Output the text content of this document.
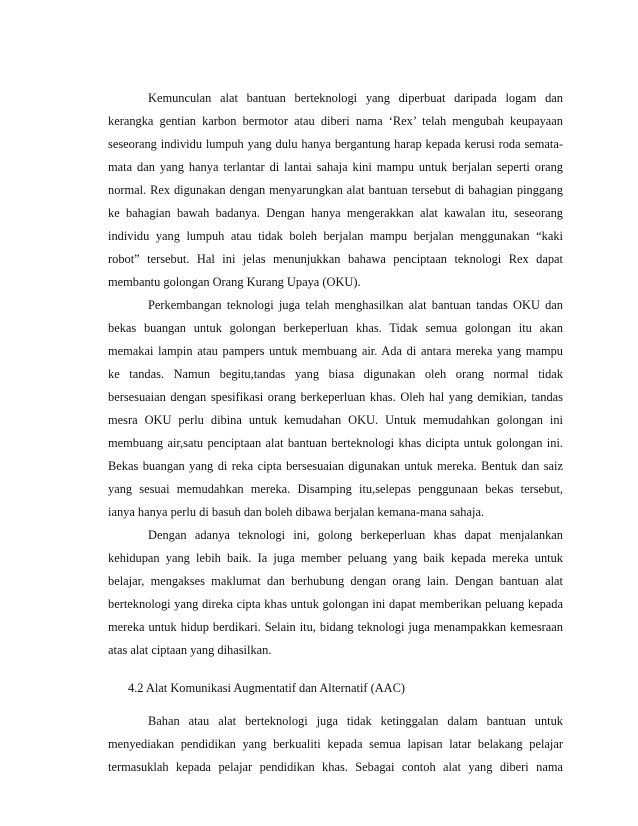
Kemunculan alat bantuan berteknologi yang diperbuat daripada logam dan
kerangka gentian karbon bermotor atau diberi nama ‘Rex’ telah mengubah keupayaan
seseorang individu lumpuh yang dulu hanya bergantung harap kepada kerusi roda semata-
mata dan yang hanya terlantar di lantai sahaja kini mampu untuk berjalan seperti orang
normal. Rex digunakan dengan menyarungkan alat bantuan tersebut di bahagian pinggang
ke bahagian bawah badanya. Dengan hanya mengerakkan alat kawalan itu, seseorang
individu yang lumpuh atau tidak boleh berjalan mampu berjalan menggunakan “kaki
robot” tersebut. Hal ini jelas menunjukkan bahawa penciptaan teknologi Rex dapat
membantu golongan Orang Kurang Upaya (OKU).
Perkembangan teknologi juga telah menghasilkan alat bantuan tandas OKU dan
bekas buangan untuk golongan berkeperluan khas. Tidak semua golongan itu akan
memakai lampin atau pampers untuk membuang air. Ada di antara mereka yang mampu
ke tandas. Namun begitu,tandas yang biasa digunakan oleh orang normal tidak
bersesuaian dengan spesifikasi orang berkeperluan khas. Oleh hal yang demikian, tandas
mesra OKU perlu dibina untuk kemudahan OKU. Untuk memudahkan golongan ini
membuang air,satu penciptaan alat bantuan berteknologi khas dicipta untuk golongan ini.
Bekas buangan yang di reka cipta bersesuaian digunakan untuk mereka. Bentuk dan saiz
yang sesuai memudahkan mereka. Disamping itu,selepas penggunaan bekas tersebut,
ianya hanya perlu di basuh dan boleh dibawa berjalan kemana-mana sahaja.
Dengan adanya teknologi ini, golong berkeperluan khas dapat menjalankan
kehidupan yang lebih baik. Ia juga member peluang yang baik kepada mereka untuk
belajar, mengakses maklumat dan berhubung dengan orang lain. Dengan bantuan alat
berteknologi yang direka cipta khas untuk golongan ini dapat memberikan peluang kepada
mereka untuk hidup berdikari. Selain itu, bidang teknologi juga menampakkan kemesraan
atas alat ciptaan yang dihasilkan.
4.2 Alat Komunikasi Augmentatif dan Alternatif (AAC)
Bahan atau alat berteknologi juga tidak ketinggalan dalam bantuan untuk
menyediakan pendidikan yang berkualiti kepada semua lapisan latar belakang pelajar
termasuklah kepada pelajar pendidikan khas. Sebagai contoh alat yang diberi nama
